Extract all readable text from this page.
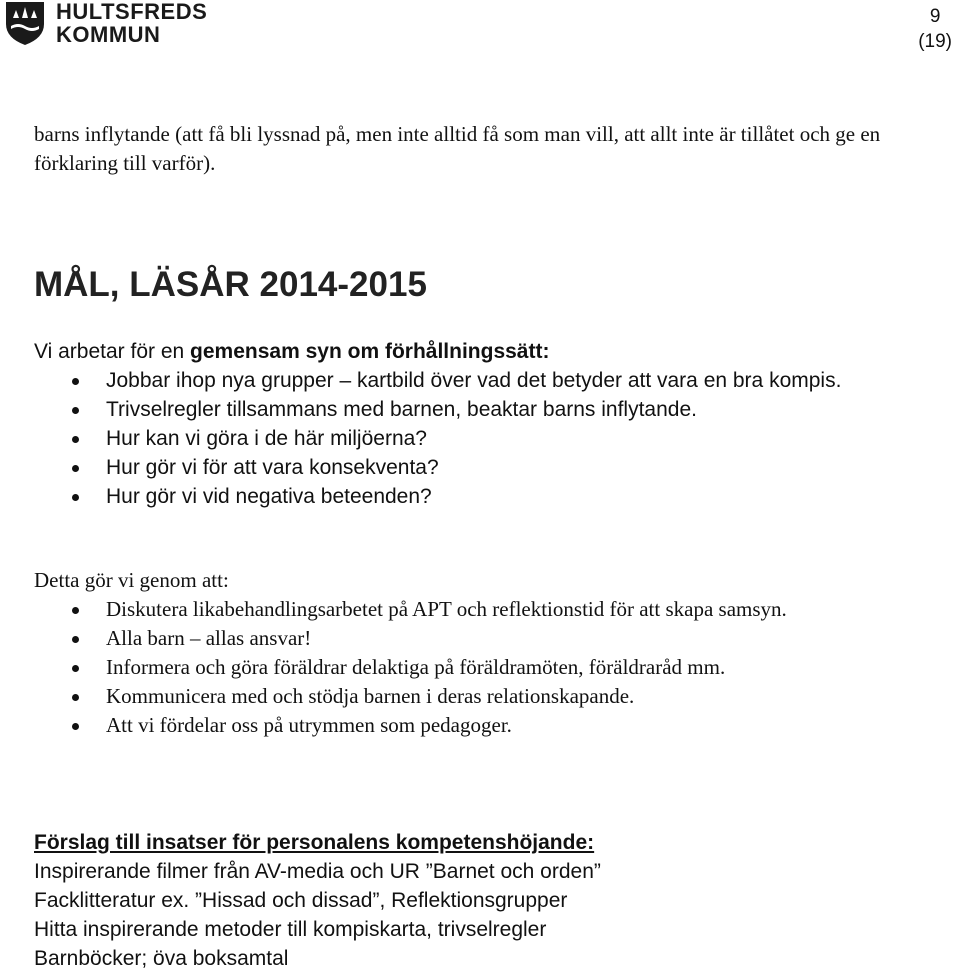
HULTSFREDS
KOMMUN
9
(19)

barns inflytande (att få bli lyssnad på, men inte alltid få som man vill, att allt inte är tillåtet och ge en förklaring till varför).

MÅL, LÄSÅR 2014-2015

Vi arbetar för en gemensam syn om förhållningssätt:

Jobbar ihop nya grupper – kartbild över vad det betyder att vara en bra kompis.
Trivselregler tillsammans med barnen, beaktar barns inflytande.
Hur kan vi göra i de här miljöerna?
Hur gör vi för att vara konsekventa?
Hur gör vi vid negativa beteenden?

Detta gör vi genom att:

Diskutera likabehandlingsarbetet på APT och reflektionstid för att skapa samsyn.
Alla barn – allas ansvar!
Informera och göra föräldrar delaktiga på föräldramöten, föräldraråd mm.
Kommunicera med och stödja barnen i deras relationskapande.
Att vi fördelar oss på utrymmen som pedagoger.
Förslag till insatser för personalens kompetenshöjande:
Inspirerande filmer från AV-media och UR ”Barnet och orden”
Facklitteratur ex. ”Hissad och dissad”, Reflektionsgrupper
Hitta inspirerande metoder till kompiskarta, trivselregler
Barnböcker; öva boksamtal
